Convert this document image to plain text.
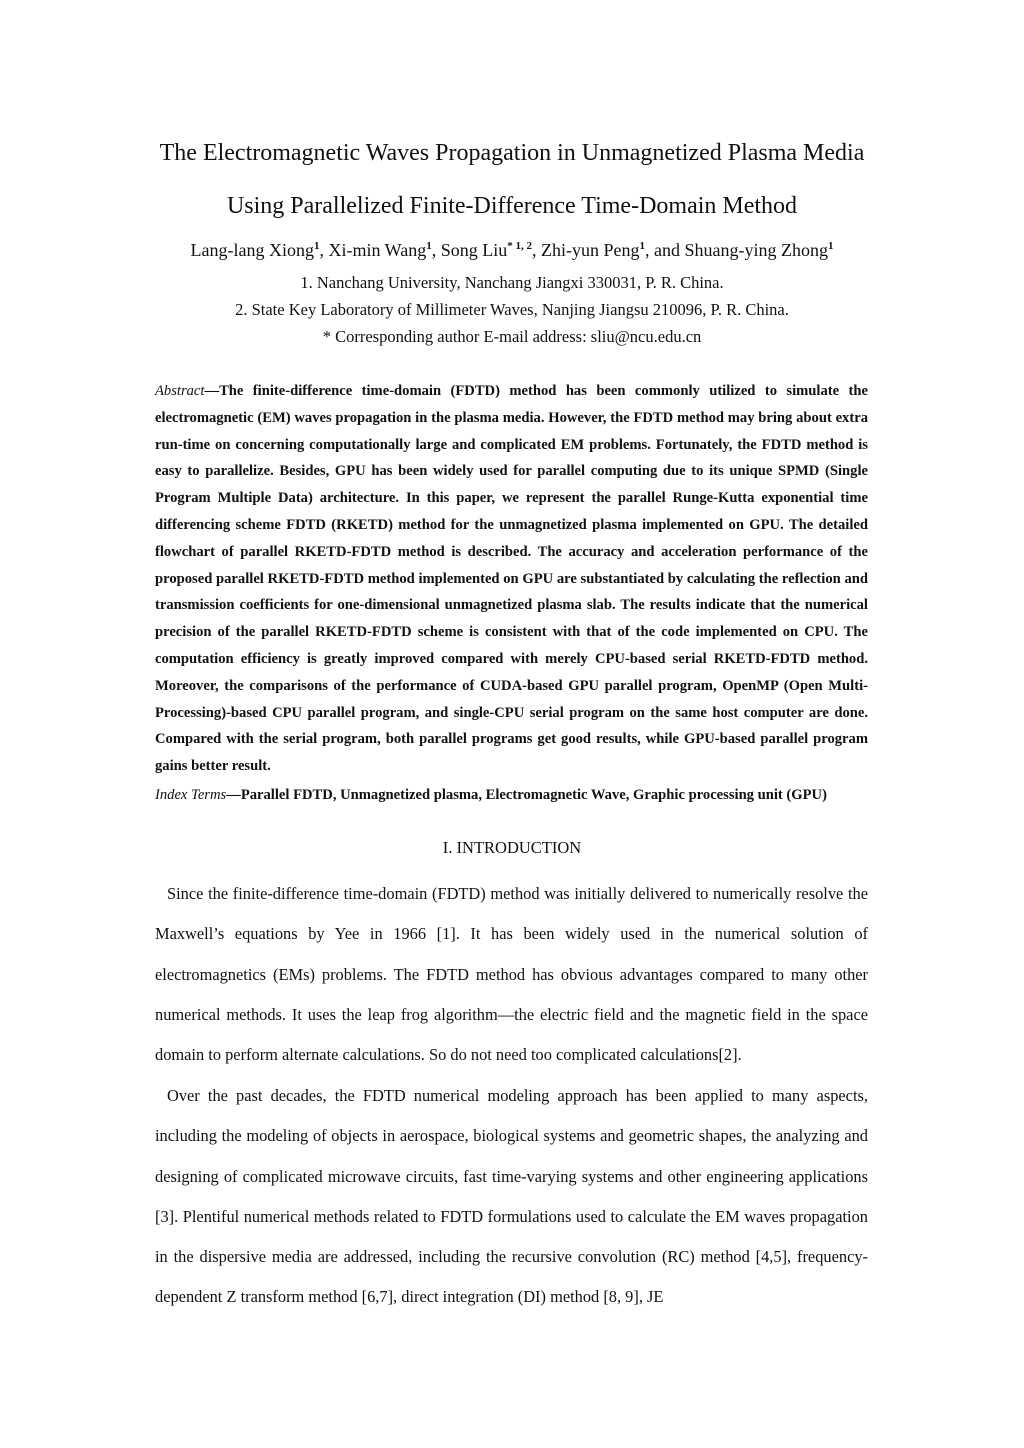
The Electromagnetic Waves Propagation in Unmagnetized Plasma Media
Using Parallelized Finite-Difference Time-Domain Method
Lang-lang Xiong$^1$, Xi-min Wang$^1$, Song Liu$^{* 1, 2}$, Zhi-yun Peng$^1$, and Shuang-ying Zhong$^1$
1. Nanchang University, Nanchang Jiangxi 330031, P. R. China.
2. State Key Laboratory of Millimeter Waves, Nanjing Jiangsu 210096, P. R. China.
* Corresponding author E-mail address: sliu@ncu.edu.cn

Abstract—The finite-difference time-domain (FDTD) method has been commonly utilized to simulate the electromagnetic (EM) waves propagation in the plasma media. However, the FDTD method may bring about extra run-time on concerning computationally large and complicated EM problems. Fortunately, the FDTD method is easy to parallelize. Besides, GPU has been widely used for parallel computing due to its unique SPMD (Single Program Multiple Data) architecture. In this paper, we represent the parallel Runge-Kutta exponential time differencing scheme FDTD (RKETD) method for the unmagnetized plasma implemented on GPU. The detailed flowchart of parallel RKETD-FDTD method is described. The accuracy and acceleration performance of the proposed parallel RKETD-FDTD method implemented on GPU are substantiated by calculating the reflection and transmission coefficients for one-dimensional unmagnetized plasma slab. The results indicate that the numerical precision of the parallel RKETD-FDTD scheme is consistent with that of the code implemented on CPU. The computation efficiency is greatly improved compared with merely CPU-based serial RKETD-FDTD method. Moreover, the comparisons of the performance of CUDA-based GPU parallel program, OpenMP (Open Multi-Processing)-based CPU parallel program, and single-CPU serial program on the same host computer are done. Compared with the serial program, both parallel programs get good results, while GPU-based parallel program gains better result.

Index Terms—Parallel FDTD, Unmagnetized plasma, Electromagnetic Wave, Graphic processing unit (GPU)

I. INTRODUCTION

Since the finite-difference time-domain (FDTD) method was initially delivered to numerically resolve the Maxwell’s equations by Yee in 1966 [1]. It has been widely used in the numerical solution of electromagnetics (EMs) problems. The FDTD method has obvious advantages compared to many other numerical methods. It uses the leap frog algorithm—the electric field and the magnetic field in the space domain to perform alternate calculations. So do not need too complicated calculations[2].

Over the past decades, the FDTD numerical modeling approach has been applied to many aspects, including the modeling of objects in aerospace, biological systems and geometric shapes, the analyzing and designing of complicated microwave circuits, fast time-varying systems and other engineering applications [3]. Plentiful numerical methods related to FDTD formulations used to calculate the EM waves propagation in the dispersive media are addressed, including the recursive convolution (RC) method [4,5], frequency-dependent Z transform method [6,7], direct integration (DI) method [8, 9], JE
